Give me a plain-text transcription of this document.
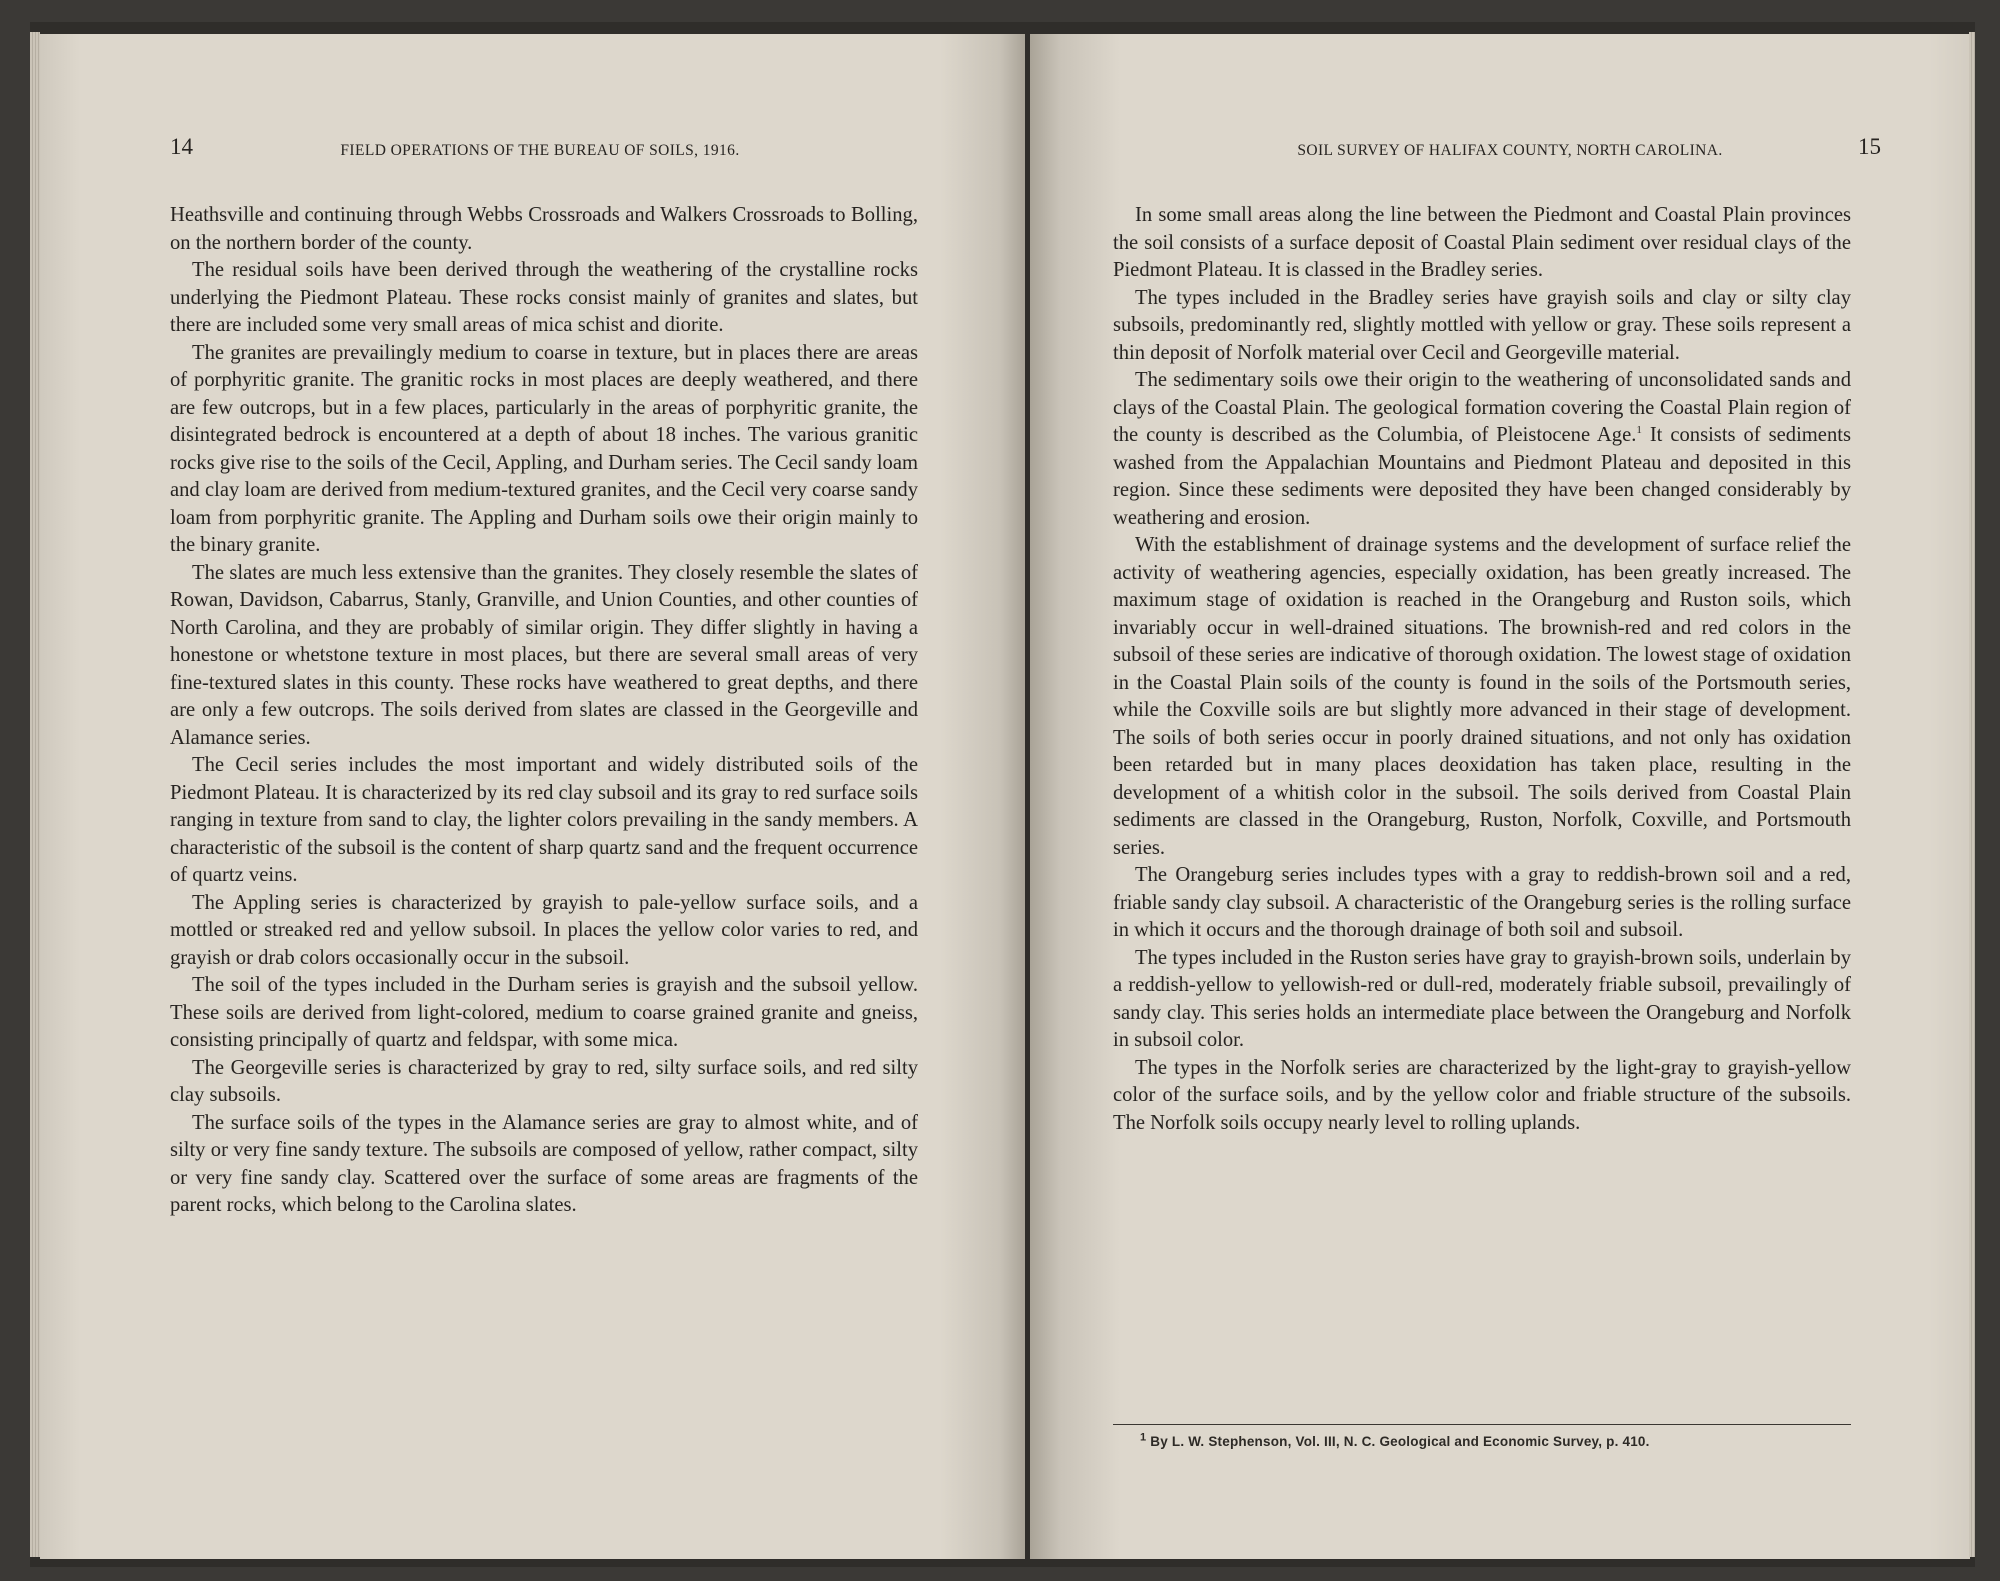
14	FIELD OPERATIONS OF THE BUREAU OF SOILS, 1916.

Heathsville and continuing through Webbs Crossroads and Walkers Crossroads to Bolling, on the northern border of the county.

The residual soils have been derived through the weathering of the crystalline rocks underlying the Piedmont Plateau. These rocks consist mainly of granites and slates, but there are included some very small areas of mica schist and diorite.

The granites are prevailingly medium to coarse in texture, but in places there are areas of porphyritic granite. The granitic rocks in most places are deeply weathered, and there are few outcrops, but in a few places, particularly in the areas of porphyritic granite, the disintegrated bedrock is encountered at a depth of about 18 inches. The various granitic rocks give rise to the soils of the Cecil, Appling, and Durham series. The Cecil sandy loam and clay loam are derived from medium-textured granites, and the Cecil very coarse sandy loam from porphyritic granite. The Appling and Durham soils owe their origin mainly to the binary granite.

The slates are much less extensive than the granites. They closely resemble the slates of Rowan, Davidson, Cabarrus, Stanly, Granville, and Union Counties, and other counties of North Carolina, and they are probably of similar origin. They differ slightly in having a honestone or whetstone texture in most places, but there are several small areas of very fine-textured slates in this county. These rocks have weathered to great depths, and there are only a few outcrops. The soils derived from slates are classed in the Georgeville and Alamance series.

The Cecil series includes the most important and widely distributed soils of the Piedmont Plateau. It is characterized by its red clay subsoil and its gray to red surface soils ranging in texture from sand to clay, the lighter colors prevailing in the sandy members. A characteristic of the subsoil is the content of sharp quartz sand and the frequent occurrence of quartz veins.

The Appling series is characterized by grayish to pale-yellow surface soils, and a mottled or streaked red and yellow subsoil. In places the yellow color varies to red, and grayish or drab colors occasionally occur in the subsoil.

The soil of the types included in the Durham series is grayish and the subsoil yellow. These soils are derived from light-colored, medium to coarse grained granite and gneiss, consisting principally of quartz and feldspar, with some mica.

The Georgeville series is characterized by gray to red, silty surface soils, and red silty clay subsoils.

The surface soils of the types in the Alamance series are gray to almost white, and of silty or very fine sandy texture. The subsoils are composed of yellow, rather compact, silty or very fine sandy clay. Scattered over the surface of some areas are fragments of the parent rocks, which belong to the Carolina slates.

SOIL SURVEY OF HALIFAX COUNTY, NORTH CAROLINA.	15

In some small areas along the line between the Piedmont and Coastal Plain provinces the soil consists of a surface deposit of Coastal Plain sediment over residual clays of the Piedmont Plateau. It is classed in the Bradley series.

The types included in the Bradley series have grayish soils and clay or silty clay subsoils, predominantly red, slightly mottled with yellow or gray. These soils represent a thin deposit of Norfolk material over Cecil and Georgeville material.

The sedimentary soils owe their origin to the weathering of unconsolidated sands and clays of the Coastal Plain. The geological formation covering the Coastal Plain region of the county is described as the Columbia, of Pleistocene Age.$^1$ It consists of sediments washed from the Appalachian Mountains and Piedmont Plateau and deposited in this region. Since these sediments were deposited they have been changed considerably by weathering and erosion.

With the establishment of drainage systems and the development of surface relief the activity of weathering agencies, especially oxidation, has been greatly increased. The maximum stage of oxidation is reached in the Orangeburg and Ruston soils, which invariably occur in well-drained situations. The brownish-red and red colors in the subsoil of these series are indicative of thorough oxidation. The lowest stage of oxidation in the Coastal Plain soils of the county is found in the soils of the Portsmouth series, while the Coxville soils are but slightly more advanced in their stage of development. The soils of both series occur in poorly drained situations, and not only has oxidation been retarded but in many places deoxidation has taken place, resulting in the development of a whitish color in the subsoil. The soils derived from Coastal Plain sediments are classed in the Orangeburg, Ruston, Norfolk, Coxville, and Portsmouth series.

The Orangeburg series includes types with a gray to reddish-brown soil and a red, friable sandy clay subsoil. A characteristic of the Orangeburg series is the rolling surface in which it occurs and the thorough drainage of both soil and subsoil.

The types included in the Ruston series have gray to grayish-brown soils, underlain by a reddish-yellow to yellowish-red or dull-red, moderately friable subsoil, prevailingly of sandy clay. This series holds an intermediate place between the Orangeburg and Norfolk in subsoil color.

The types in the Norfolk series are characterized by the light-gray to grayish-yellow color of the surface soils, and by the yellow color and friable structure of the subsoils. The Norfolk soils occupy nearly level to rolling uplands.

$^1$ By L. W. Stephenson, Vol. III, N. C. Geological and Economic Survey, p. 410.
